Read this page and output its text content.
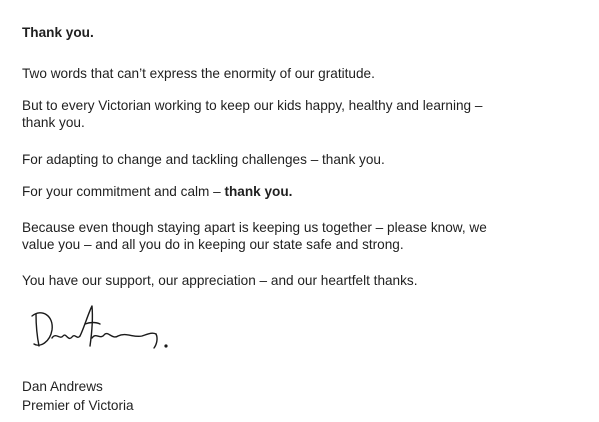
Thank you.
Two words that can’t express the enormity of our gratitude.
But to every Victorian working to keep our kids happy, healthy and learning –
thank you.
For adapting to change and tackling challenges – thank you.
For your commitment and calm – thank you.
Because even though staying apart is keeping us together – please know, we
value you – and all you do in keeping our state safe and strong.
You have our support, our appreciation – and our heartfelt thanks.
Dan Andrews
Premier of Victoria
